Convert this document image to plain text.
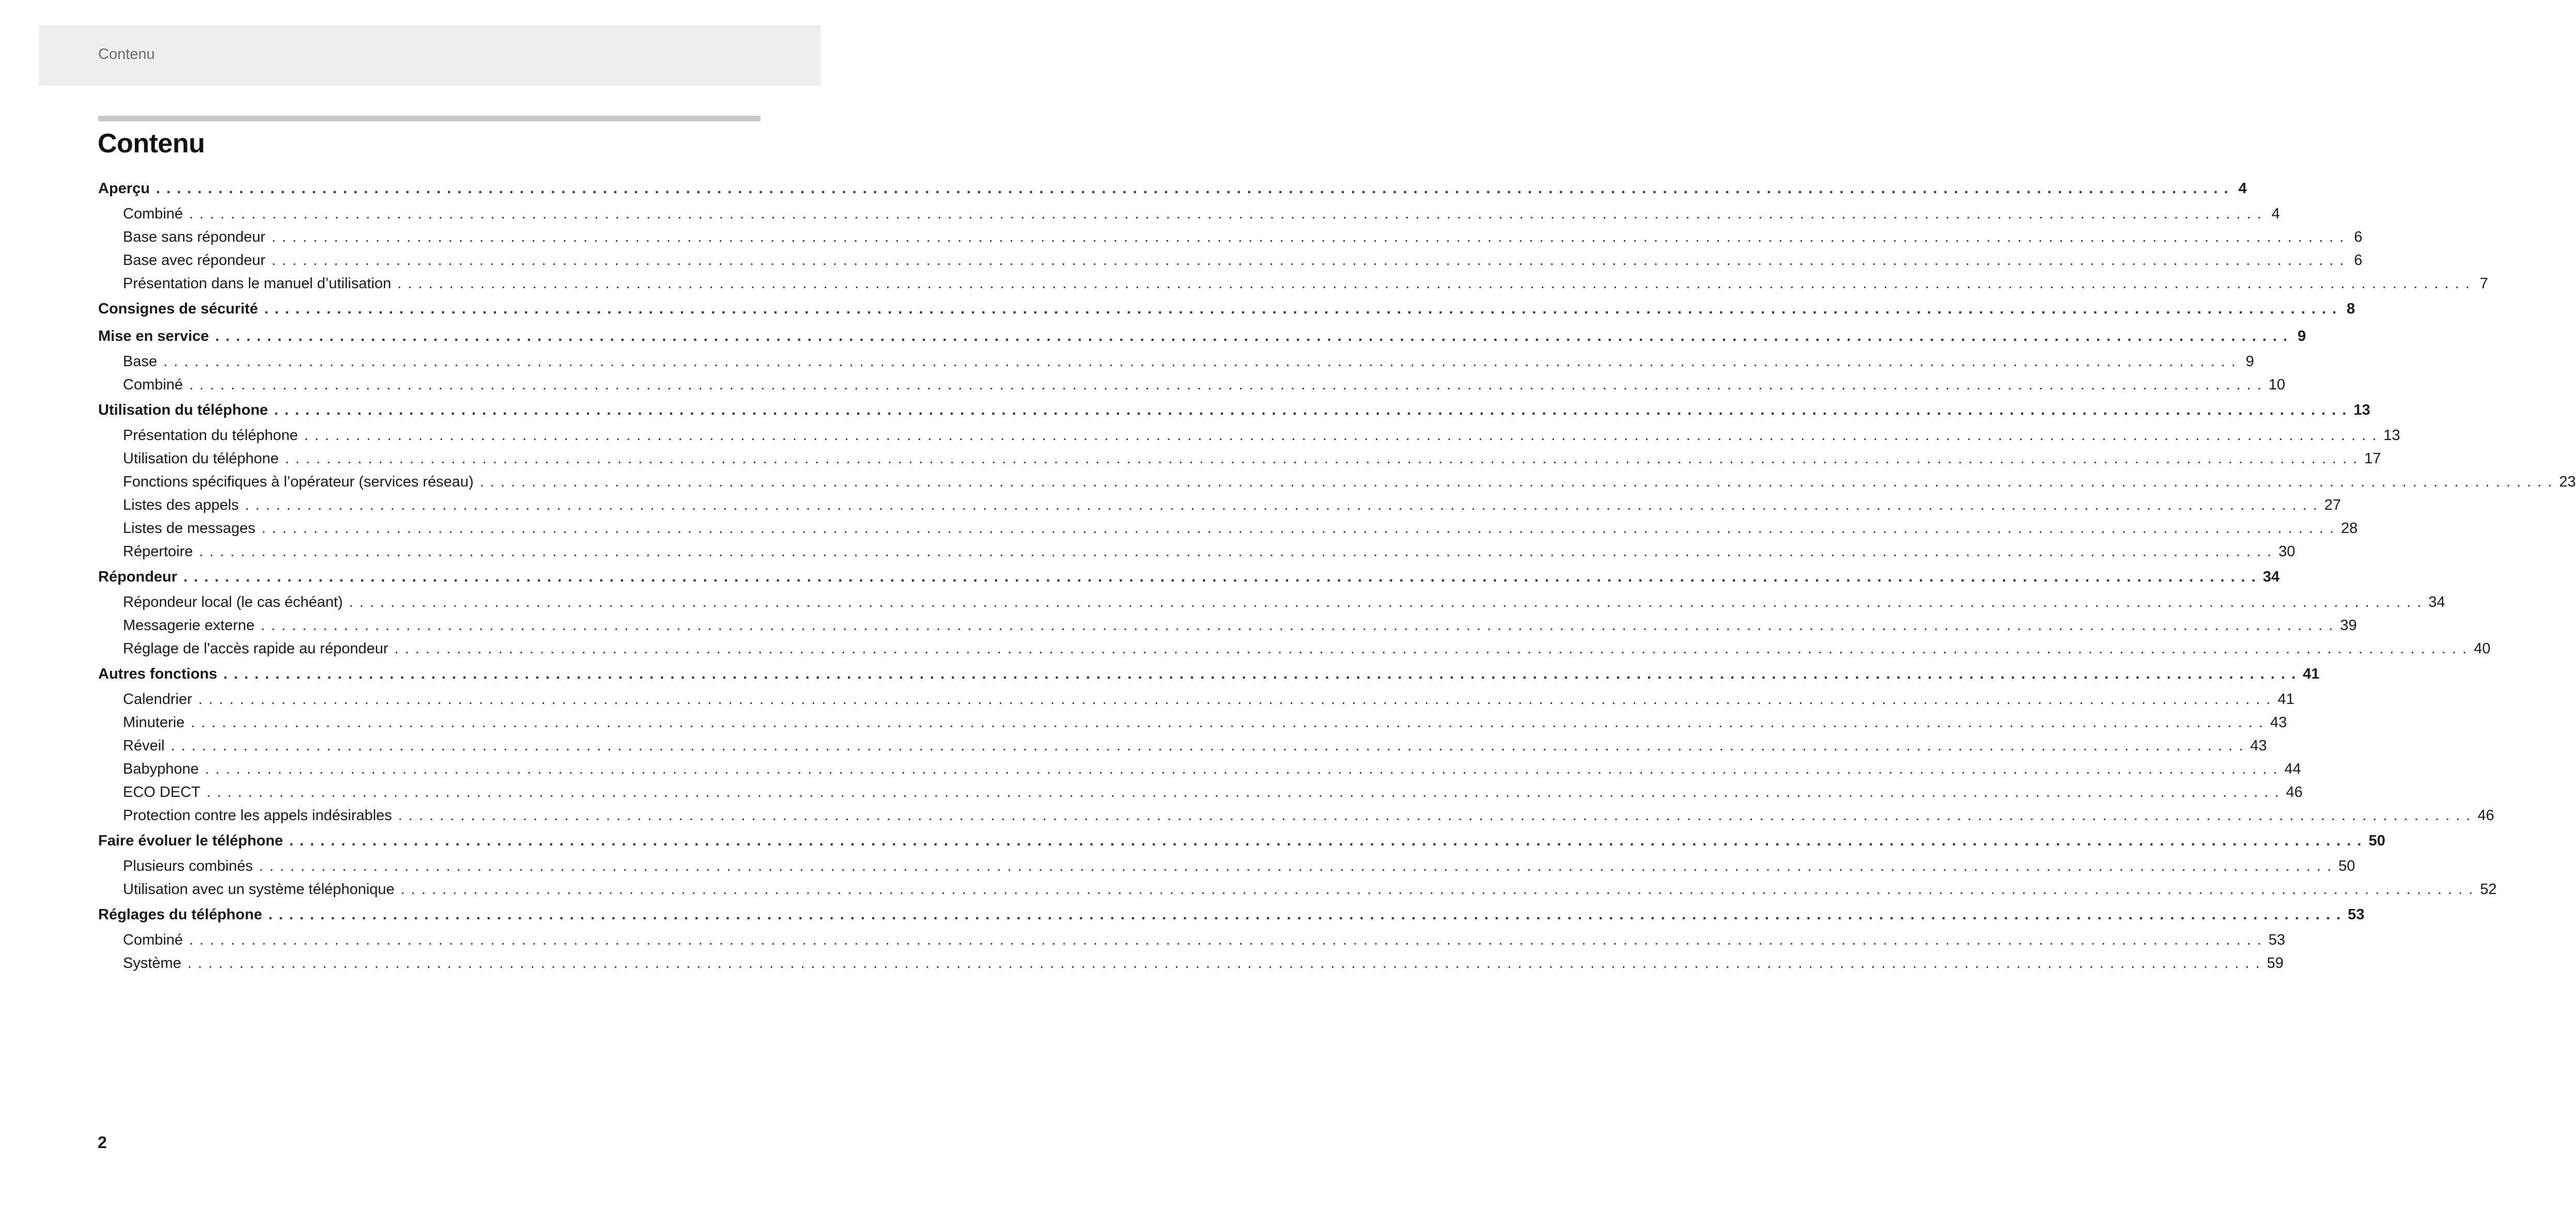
Contenu
Contenu
Aperçu . . . . . . . . . . . . . . . . . . . . . . . . . . . . . . . . . . . . . . . . . . . . . . . . . . . . . . . . . . . . . . . . . . . . . . . . . . . . . . . . . . . . . . . . . . . . . . . . . . . . . . . . . . . . . . . . . . . . . . . . . . . . . . . . . . . . . . . . . . . . . . . . . . . . . . . . . . . . . . . . . . . . . . . . . . . . . . . . . . . . . . . . . . . . . . . . . . . . . . . . 4
Combiné . . . . . . . . . . . . . . . . . . . . . . . . . . . . . . . . . . . . . . . . . . . . . . . . . . . . . . . . . . . . . . . . . . . . . . . . . . . . . . . . . . . . . . . . . . . . . . . . . . . . . . . . . . . . . . . . . . . . . . . . . . . . . . . . . . . . . . . . . . . . . . . . . . . . . . . . . . . . . . . . . . . . . . . . . . . . . . . . . . . . . . . . . . . . . . . . . . . . . . . . 4
Base sans répondeur . . . . . . . . . . . . . . . . . . . . . . . . . . . . . . . . . . . . . . . . . . . . . . . . . . . . . . . . . . . . . . . . . . . . . . . . . . . . . . . . . . . . . . . . . . . . . . . . . . . . . . . . . . . . . . . . . . . . . . . . . . . . . . . . . . . . . . . . . . . . . . . . . . . . . . . . . . . . . . . . . . . . . . . . . . . . . . . . . . . . . . . . . . . . . . . . . . . . . . . . 6
Base avec répondeur . . . . . . . . . . . . . . . . . . . . . . . . . . . . . . . . . . . . . . . . . . . . . . . . . . . . . . . . . . . . . . . . . . . . . . . . . . . . . . . . . . . . . . . . . . . . . . . . . . . . . . . . . . . . . . . . . . . . . . . . . . . . . . . . . . . . . . . . . . . . . . . . . . . . . . . . . . . . . . . . . . . . . . . . . . . . . . . . . . . . . . . . . . . . . . . . . . . . . . . . 6
Présentation dans le manuel d’utilisation . . . . . . . . . . . . . . . . . . . . . . . . . . . . . . . . . . . . . . . . . . . . . . . . . . . . . . . . . . . . . . . . . . . . . . . . . . . . . . . . . . . . . . . . . . . . . . . . . . . . . . . . . . . . . . . . . . . . . . . . . . . . . . . . . . . . . . . . . . . . . . . . . . . . . . . . . . . . . . . . . . . . . . . . . . . . . . . . . . . . . . . . . . . . . . . . . . . . . . . . 7
Consignes de sécurité . . . . . . . . . . . . . . . . . . . . . . . . . . . . . . . . . . . . . . . . . . . . . . . . . . . . . . . . . . . . . . . . . . . . . . . . . . . . . . . . . . . . . . . . . . . . . . . . . . . . . . . . . . . . . . . . . . . . . . . . . . . . . . . . . . . . . . . . . . . . . . . . . . . . . . . . . . . . . . . . . . . . . . . . . . . . . . . . . . . . . . . . . . . . . . . . . . . . . . . . 8
Mise en service . . . . . . . . . . . . . . . . . . . . . . . . . . . . . . . . . . . . . . . . . . . . . . . . . . . . . . . . . . . . . . . . . . . . . . . . . . . . . . . . . . . . . . . . . . . . . . . . . . . . . . . . . . . . . . . . . . . . . . . . . . . . . . . . . . . . . . . . . . . . . . . . . . . . . . . . . . . . . . . . . . . . . . . . . . . . . . . . . . . . . . . . . . . . . . . . . . . . . . . . 9
Base . . . . . . . . . . . . . . . . . . . . . . . . . . . . . . . . . . . . . . . . . . . . . . . . . . . . . . . . . . . . . . . . . . . . . . . . . . . . . . . . . . . . . . . . . . . . . . . . . . . . . . . . . . . . . . . . . . . . . . . . . . . . . . . . . . . . . . . . . . . . . . . . . . . . . . . . . . . . . . . . . . . . . . . . . . . . . . . . . . . . . . . . . . . . . . . . . . . . . . . . 9
Combiné . . . . . . . . . . . . . . . . . . . . . . . . . . . . . . . . . . . . . . . . . . . . . . . . . . . . . . . . . . . . . . . . . . . . . . . . . . . . . . . . . . . . . . . . . . . . . . . . . . . . . . . . . . . . . . . . . . . . . . . . . . . . . . . . . . . . . . . . . . . . . . . . . . . . . . . . . . . . . . . . . . . . . . . . . . . . . . . . . . . . . . . . . . . . . . . . . . . . . . . . 10
Utilisation du téléphone . . . . . . . . . . . . . . . . . . . . . . . . . . . . . . . . . . . . . . . . . . . . . . . . . . . . . . . . . . . . . . . . . . . . . . . . . . . . . . . . . . . . . . . . . . . . . . . . . . . . . . . . . . . . . . . . . . . . . . . . . . . . . . . . . . . . . . . . . . . . . . . . . . . . . . . . . . . . . . . . . . . . . . . . . . . . . . . . . . . . . . . . . . . . . . . . . . . . . . . . 13
Présentation du téléphone . . . . . . . . . . . . . . . . . . . . . . . . . . . . . . . . . . . . . . . . . . . . . . . . . . . . . . . . . . . . . . . . . . . . . . . . . . . . . . . . . . . . . . . . . . . . . . . . . . . . . . . . . . . . . . . . . . . . . . . . . . . . . . . . . . . . . . . . . . . . . . . . . . . . . . . . . . . . . . . . . . . . . . . . . . . . . . . . . . . . . . . . . . . . . . . . . . . . . . . . 13
Utilisation du téléphone . . . . . . . . . . . . . . . . . . . . . . . . . . . . . . . . . . . . . . . . . . . . . . . . . . . . . . . . . . . . . . . . . . . . . . . . . . . . . . . . . . . . . . . . . . . . . . . . . . . . . . . . . . . . . . . . . . . . . . . . . . . . . . . . . . . . . . . . . . . . . . . . . . . . . . . . . . . . . . . . . . . . . . . . . . . . . . . . . . . . . . . . . . . . . . . . . . . . . . . . 17
Fonctions spécifiques à l’opérateur (services réseau) . . . . . . . . . . . . . . . . . . . . . . . . . . . . . . . . . . . . . . . . . . . . . . . . . . . . . . . . . . . . . . . . . . . . . . . . . . . . . . . . . . . . . . . . . . . . . . . . . . . . . . . . . . . . . . . . . . . . . . . . . . . . . . . . . . . . . . . . . . . . . . . . . . . . . . . . . . . . . . . . . . . . . . . . . . . . . . . . . . . . . . . . . . . . . . . . . . . . . . . . 23
Listes des appels . . . . . . . . . . . . . . . . . . . . . . . . . . . . . . . . . . . . . . . . . . . . . . . . . . . . . . . . . . . . . . . . . . . . . . . . . . . . . . . . . . . . . . . . . . . . . . . . . . . . . . . . . . . . . . . . . . . . . . . . . . . . . . . . . . . . . . . . . . . . . . . . . . . . . . . . . . . . . . . . . . . . . . . . . . . . . . . . . . . . . . . . . . . . . . . . . . . . . . . . 27
Listes de messages . . . . . . . . . . . . . . . . . . . . . . . . . . . . . . . . . . . . . . . . . . . . . . . . . . . . . . . . . . . . . . . . . . . . . . . . . . . . . . . . . . . . . . . . . . . . . . . . . . . . . . . . . . . . . . . . . . . . . . . . . . . . . . . . . . . . . . . . . . . . . . . . . . . . . . . . . . . . . . . . . . . . . . . . . . . . . . . . . . . . . . . . . . . . . . . . . . . . . . . . 28
Répertoire . . . . . . . . . . . . . . . . . . . . . . . . . . . . . . . . . . . . . . . . . . . . . . . . . . . . . . . . . . . . . . . . . . . . . . . . . . . . . . . . . . . . . . . . . . . . . . . . . . . . . . . . . . . . . . . . . . . . . . . . . . . . . . . . . . . . . . . . . . . . . . . . . . . . . . . . . . . . . . . . . . . . . . . . . . . . . . . . . . . . . . . . . . . . . . . . . . . . . . . . 30
Répondeur . . . . . . . . . . . . . . . . . . . . . . . . . . . . . . . . . . . . . . . . . . . . . . . . . . . . . . . . . . . . . . . . . . . . . . . . . . . . . . . . . . . . . . . . . . . . . . . . . . . . . . . . . . . . . . . . . . . . . . . . . . . . . . . . . . . . . . . . . . . . . . . . . . . . . . . . . . . . . . . . . . . . . . . . . . . . . . . . . . . . . . . . . . . . . . . . . . . . . . . . 34
Répondeur local (le cas échéant) . . . . . . . . . . . . . . . . . . . . . . . . . . . . . . . . . . . . . . . . . . . . . . . . . . . . . . . . . . . . . . . . . . . . . . . . . . . . . . . . . . . . . . . . . . . . . . . . . . . . . . . . . . . . . . . . . . . . . . . . . . . . . . . . . . . . . . . . . . . . . . . . . . . . . . . . . . . . . . . . . . . . . . . . . . . . . . . . . . . . . . . . . . . . . . . . . . . . . . . . 34
Messagerie externe . . . . . . . . . . . . . . . . . . . . . . . . . . . . . . . . . . . . . . . . . . . . . . . . . . . . . . . . . . . . . . . . . . . . . . . . . . . . . . . . . . . . . . . . . . . . . . . . . . . . . . . . . . . . . . . . . . . . . . . . . . . . . . . . . . . . . . . . . . . . . . . . . . . . . . . . . . . . . . . . . . . . . . . . . . . . . . . . . . . . . . . . . . . . . . . . . . . . . . . . 39
Réglage de l'accès rapide au répondeur . . . . . . . . . . . . . . . . . . . . . . . . . . . . . . . . . . . . . . . . . . . . . . . . . . . . . . . . . . . . . . . . . . . . . . . . . . . . . . . . . . . . . . . . . . . . . . . . . . . . . . . . . . . . . . . . . . . . . . . . . . . . . . . . . . . . . . . . . . . . . . . . . . . . . . . . . . . . . . . . . . . . . . . . . . . . . . . . . . . . . . . . . . . . . . . . . . . . . . . . 40
Autres fonctions . . . . . . . . . . . . . . . . . . . . . . . . . . . . . . . . . . . . . . . . . . . . . . . . . . . . . . . . . . . . . . . . . . . . . . . . . . . . . . . . . . . . . . . . . . . . . . . . . . . . . . . . . . . . . . . . . . . . . . . . . . . . . . . . . . . . . . . . . . . . . . . . . . . . . . . . . . . . . . . . . . . . . . . . . . . . . . . . . . . . . . . . . . . . . . . . . . . . . . . . 41
Calendrier . . . . . . . . . . . . . . . . . . . . . . . . . . . . . . . . . . . . . . . . . . . . . . . . . . . . . . . . . . . . . . . . . . . . . . . . . . . . . . . . . . . . . . . . . . . . . . . . . . . . . . . . . . . . . . . . . . . . . . . . . . . . . . . . . . . . . . . . . . . . . . . . . . . . . . . . . . . . . . . . . . . . . . . . . . . . . . . . . . . . . . . . . . . . . . . . . . . . . . . . 41
Minuterie . . . . . . . . . . . . . . . . . . . . . . . . . . . . . . . . . . . . . . . . . . . . . . . . . . . . . . . . . . . . . . . . . . . . . . . . . . . . . . . . . . . . . . . . . . . . . . . . . . . . . . . . . . . . . . . . . . . . . . . . . . . . . . . . . . . . . . . . . . . . . . . . . . . . . . . . . . . . . . . . . . . . . . . . . . . . . . . . . . . . . . . . . . . . . . . . . . . . . . . . 43
Réveil . . . . . . . . . . . . . . . . . . . . . . . . . . . . . . . . . . . . . . . . . . . . . . . . . . . . . . . . . . . . . . . . . . . . . . . . . . . . . . . . . . . . . . . . . . . . . . . . . . . . . . . . . . . . . . . . . . . . . . . . . . . . . . . . . . . . . . . . . . . . . . . . . . . . . . . . . . . . . . . . . . . . . . . . . . . . . . . . . . . . . . . . . . . . . . . . . . . . . . . . 43
Babyphone . . . . . . . . . . . . . . . . . . . . . . . . . . . . . . . . . . . . . . . . . . . . . . . . . . . . . . . . . . . . . . . . . . . . . . . . . . . . . . . . . . . . . . . . . . . . . . . . . . . . . . . . . . . . . . . . . . . . . . . . . . . . . . . . . . . . . . . . . . . . . . . . . . . . . . . . . . . . . . . . . . . . . . . . . . . . . . . . . . . . . . . . . . . . . . . . . . . . . . . . 44
ECO DECT . . . . . . . . . . . . . . . . . . . . . . . . . . . . . . . . . . . . . . . . . . . . . . . . . . . . . . . . . . . . . . . . . . . . . . . . . . . . . . . . . . . . . . . . . . . . . . . . . . . . . . . . . . . . . . . . . . . . . . . . . . . . . . . . . . . . . . . . . . . . . . . . . . . . . . . . . . . . . . . . . . . . . . . . . . . . . . . . . . . . . . . . . . . . . . . . . . . . . . . . 46
Protection contre les appels indésirables . . . . . . . . . . . . . . . . . . . . . . . . . . . . . . . . . . . . . . . . . . . . . . . . . . . . . . . . . . . . . . . . . . . . . . . . . . . . . . . . . . . . . . . . . . . . . . . . . . . . . . . . . . . . . . . . . . . . . . . . . . . . . . . . . . . . . . . . . . . . . . . . . . . . . . . . . . . . . . . . . . . . . . . . . . . . . . . . . . . . . . . . . . . . . . . . . . . . . . . . 46
Faire évoluer le téléphone . . . . . . . . . . . . . . . . . . . . . . . . . . . . . . . . . . . . . . . . . . . . . . . . . . . . . . . . . . . . . . . . . . . . . . . . . . . . . . . . . . . . . . . . . . . . . . . . . . . . . . . . . . . . . . . . . . . . . . . . . . . . . . . . . . . . . . . . . . . . . . . . . . . . . . . . . . . . . . . . . . . . . . . . . . . . . . . . . . . . . . . . . . . . . . . . . . . . . . . . 50
Plusieurs combinés . . . . . . . . . . . . . . . . . . . . . . . . . . . . . . . . . . . . . . . . . . . . . . . . . . . . . . . . . . . . . . . . . . . . . . . . . . . . . . . . . . . . . . . . . . . . . . . . . . . . . . . . . . . . . . . . . . . . . . . . . . . . . . . . . . . . . . . . . . . . . . . . . . . . . . . . . . . . . . . . . . . . . . . . . . . . . . . . . . . . . . . . . . . . . . . . . . . . . . . . 50
Utilisation avec un système téléphonique . . . . . . . . . . . . . . . . . . . . . . . . . . . . . . . . . . . . . . . . . . . . . . . . . . . . . . . . . . . . . . . . . . . . . . . . . . . . . . . . . . . . . . . . . . . . . . . . . . . . . . . . . . . . . . . . . . . . . . . . . . . . . . . . . . . . . . . . . . . . . . . . . . . . . . . . . . . . . . . . . . . . . . . . . . . . . . . . . . . . . . . . . . . . . . . . . . . . . . . . 52
Réglages du téléphone . . . . . . . . . . . . . . . . . . . . . . . . . . . . . . . . . . . . . . . . . . . . . . . . . . . . . . . . . . . . . . . . . . . . . . . . . . . . . . . . . . . . . . . . . . . . . . . . . . . . . . . . . . . . . . . . . . . . . . . . . . . . . . . . . . . . . . . . . . . . . . . . . . . . . . . . . . . . . . . . . . . . . . . . . . . . . . . . . . . . . . . . . . . . . . . . . . . . . . . . 53
Combiné . . . . . . . . . . . . . . . . . . . . . . . . . . . . . . . . . . . . . . . . . . . . . . . . . . . . . . . . . . . . . . . . . . . . . . . . . . . . . . . . . . . . . . . . . . . . . . . . . . . . . . . . . . . . . . . . . . . . . . . . . . . . . . . . . . . . . . . . . . . . . . . . . . . . . . . . . . . . . . . . . . . . . . . . . . . . . . . . . . . . . . . . . . . . . . . . . . . . . . . . 53
Système . . . . . . . . . . . . . . . . . . . . . . . . . . . . . . . . . . . . . . . . . . . . . . . . . . . . . . . . . . . . . . . . . . . . . . . . . . . . . . . . . . . . . . . . . . . . . . . . . . . . . . . . . . . . . . . . . . . . . . . . . . . . . . . . . . . . . . . . . . . . . . . . . . . . . . . . . . . . . . . . . . . . . . . . . . . . . . . . . . . . . . . . . . . . . . . . . . . . . . . . 59
2
